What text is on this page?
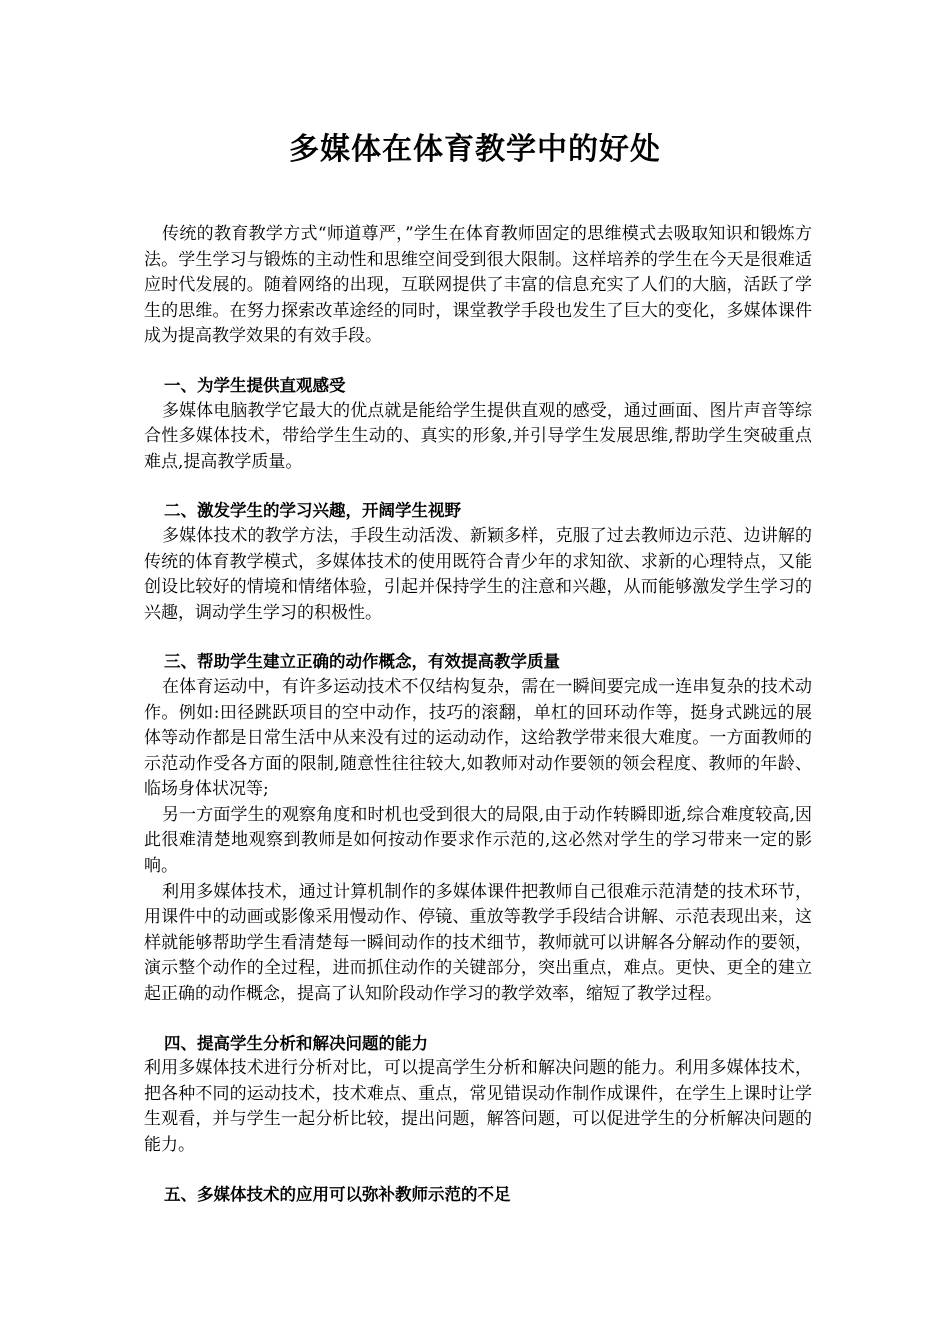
多媒体在体育教学中的好处

传统的教育教学方式“师道尊严，”学生在体育教师固定的思维模式去吸取知识和锻炼方法。学生学习与锻炼的主动性和思维空间受到很大限制。这样培养的学生在今天是很难适应时代发展的。随着网络的出现，互联网提供了丰富的信息充实了人们的大脑，活跃了学生的思维。在努力探索改革途经的同时，课堂教学手段也发生了巨大的变化，多媒体课件成为提高教学效果的有效手段。

一、为学生提供直观感受

多媒体电脑教学它最大的优点就是能给学生提供直观的感受，通过画面、图片声音等综合性多媒体技术，带给学生生动的、真实的形象,并引导学生发展思维,帮助学生突破重点难点,提高教学质量。

二、激发学生的学习兴趣，开阔学生视野

多媒体技术的教学方法，手段生动活泼、新颖多样，克服了过去教师边示范、边讲解的传统的体育教学模式，多媒体技术的使用既符合青少年的求知欲、求新的心理特点，又能创设比较好的情境和情绪体验，引起并保持学生的注意和兴趣，从而能够激发学生学习的兴趣，调动学生学习的积极性。

三、帮助学生建立正确的动作概念，有效提高教学质量

在体育运动中，有许多运动技术不仅结构复杂，需在一瞬间要完成一连串复杂的技术动作。例如:田径跳跃项目的空中动作，技巧的滚翻，单杠的回环动作等，挺身式跳远的展体等动作都是日常生活中从来没有过的运动动作，这给教学带来很大难度。一方面教师的示范动作受各方面的限制,随意性往往较大,如教师对动作要领的领会程度、教师的年龄、临场身体状况等;

另一方面学生的观察角度和时机也受到很大的局限,由于动作转瞬即逝,综合难度较高,因此很难清楚地观察到教师是如何按动作要求作示范的,这必然对学生的学习带来一定的影响。

利用多媒体技术，通过计算机制作的多媒体课件把教师自己很难示范清楚的技术环节，用课件中的动画或影像采用慢动作、停镜、重放等教学手段结合讲解、示范表现出来，这样就能够帮助学生看清楚每一瞬间动作的技术细节，教师就可以讲解各分解动作的要领，演示整个动作的全过程，进而抓住动作的关键部分，突出重点，难点。更快、更全的建立起正确的动作概念，提高了认知阶段动作学习的教学效率，缩短了教学过程。

四、提高学生分析和解决问题的能力

利用多媒体技术进行分析对比，可以提高学生分析和解决问题的能力。利用多媒体技术，把各种不同的运动技术，技术难点、重点，常见错误动作制作成课件，在学生上课时让学生观看，并与学生一起分析比较，提出问题，解答问题，可以促进学生的分析解决问题的能力。

五、多媒体技术的应用可以弥补教师示范的不足
